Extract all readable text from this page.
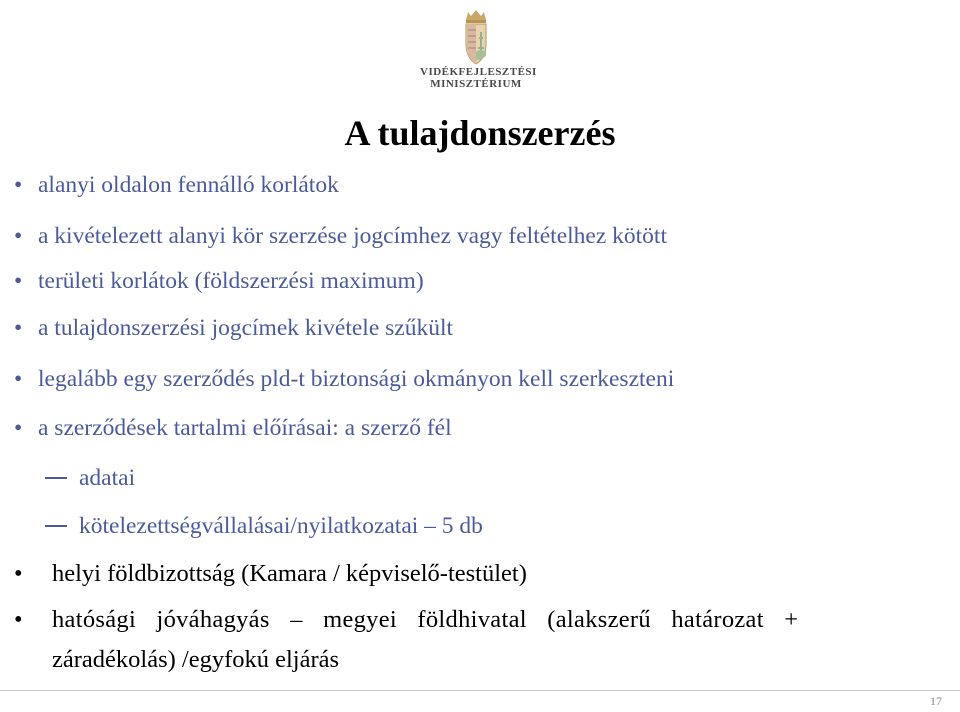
VIDÉKFEJLESZTÉSI
MINISZTÉRIUM
A tulajdonszerzés
• alanyi oldalon fennálló korlátok
• a kivételezett alanyi kör szerzése jogcímhez vagy feltételhez kötött
• területi korlátok (földszerzési maximum)
• a tulajdonszerzési jogcímek kivétele szűkült
• legalább egy szerződés pld-t biztonsági okmányon kell szerkeszteni
• a szerződések tartalmi előírásai: a szerző fél
adatai
kötelezettségvállalásai/nyilatkozatai – 5 db
• helyi földbizottság (Kamara / képviselő-testület)
• hatósági jóváhagyás – megyei földhivatal (alakszerű határozat +
záradékolás) /egyfokú eljárás
17
